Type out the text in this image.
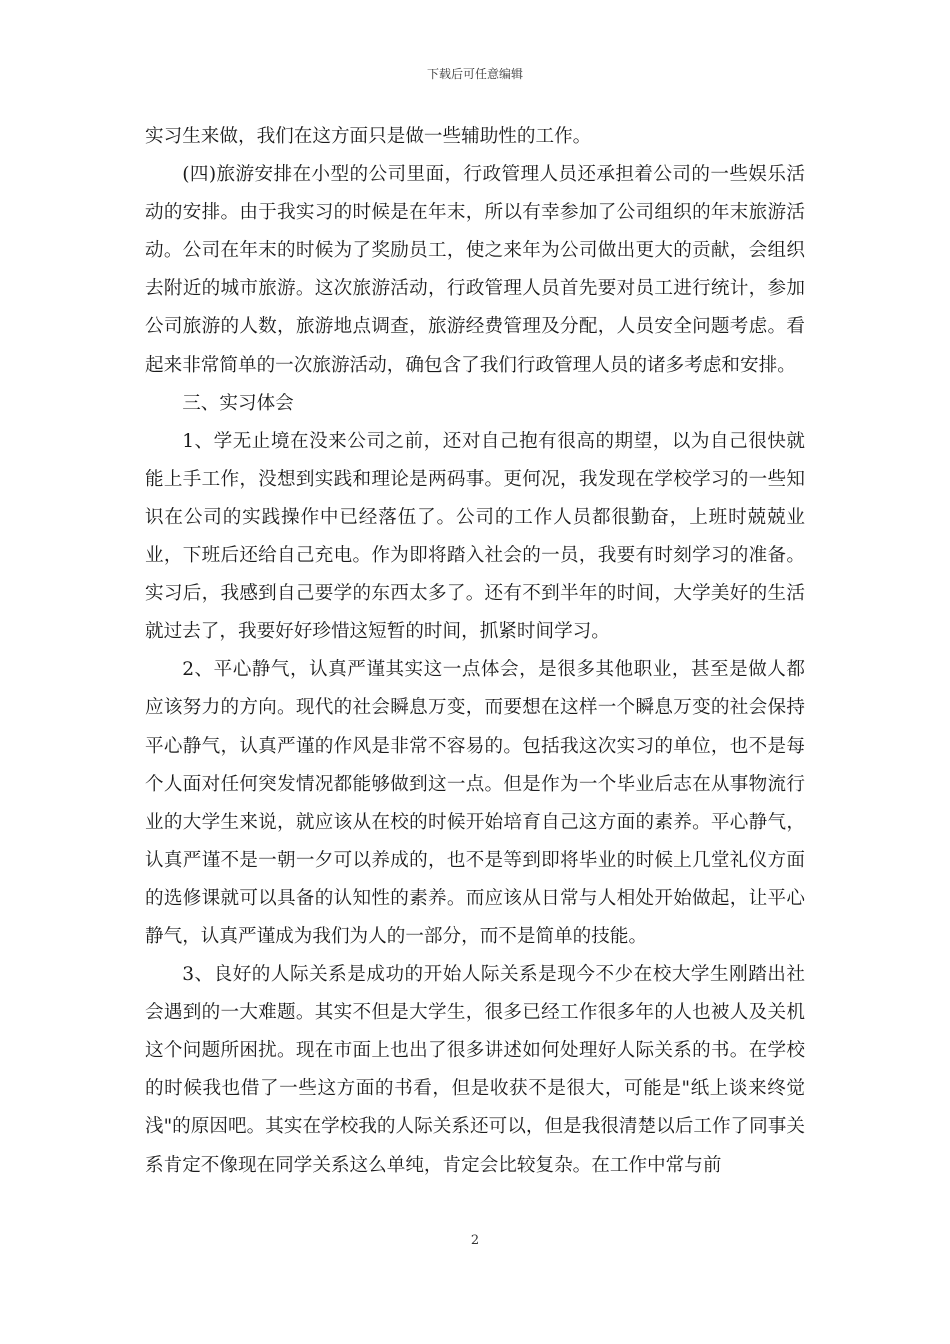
下载后可任意编辑

实习生来做，我们在这方面只是做一些辅助性的工作。

(四)旅游安排在小型的公司里面，行政管理人员还承担着公司的一些娱乐活动的安排。由于我实习的时候是在年末，所以有幸参加了公司组织的年末旅游活动。公司在年末的时候为了奖励员工，使之来年为公司做出更大的贡献，会组织去附近的城市旅游。这次旅游活动，行政管理人员首先要对员工进行统计，参加公司旅游的人数，旅游地点调查，旅游经费管理及分配，人员安全问题考虑。看起来非常简单的一次旅游活动，确包含了我们行政管理人员的诸多考虑和安排。

三、实习体会

1、学无止境在没来公司之前，还对自己抱有很高的期望，以为自己很快就能上手工作，没想到实践和理论是两码事。更何况，我发现在学校学习的一些知识在公司的实践操作中已经落伍了。公司的工作人员都很勤奋，上班时兢兢业业，下班后还给自己充电。作为即将踏入社会的一员，我要有时刻学习的准备。实习后，我感到自己要学的东西太多了。还有不到半年的时间，大学美好的生活就过去了，我要好好珍惜这短暂的时间，抓紧时间学习。

2、平心静气，认真严谨其实这一点体会，是很多其他职业，甚至是做人都应该努力的方向。现代的社会瞬息万变，而要想在这样一个瞬息万变的社会保持平心静气，认真严谨的作风是非常不容易的。包括我这次实习的单位，也不是每个人面对任何突发情况都能够做到这一点。但是作为一个毕业后志在从事物流行业的大学生来说，就应该从在校的时候开始培育自己这方面的素养。平心静气，认真严谨不是一朝一夕可以养成的，也不是等到即将毕业的时候上几堂礼仪方面的选修课就可以具备的认知性的素养。而应该从日常与人相处开始做起，让平心静气，认真严谨成为我们为人的一部分，而不是简单的技能。

3、良好的人际关系是成功的开始人际关系是现今不少在校大学生刚踏出社会遇到的一大难题。其实不但是大学生，很多已经工作很多年的人也被人及关机这个问题所困扰。现在市面上也出了很多讲述如何处理好人际关系的书。在学校的时候我也借了一些这方面的书看，但是收获不是很大，可能是"纸上谈来终觉浅"的原因吧。其实在学校我的人际关系还可以，但是我很清楚以后工作了同事关系肯定不像现在同学关系这么单纯，肯定会比较复杂。在工作中常与前

2
